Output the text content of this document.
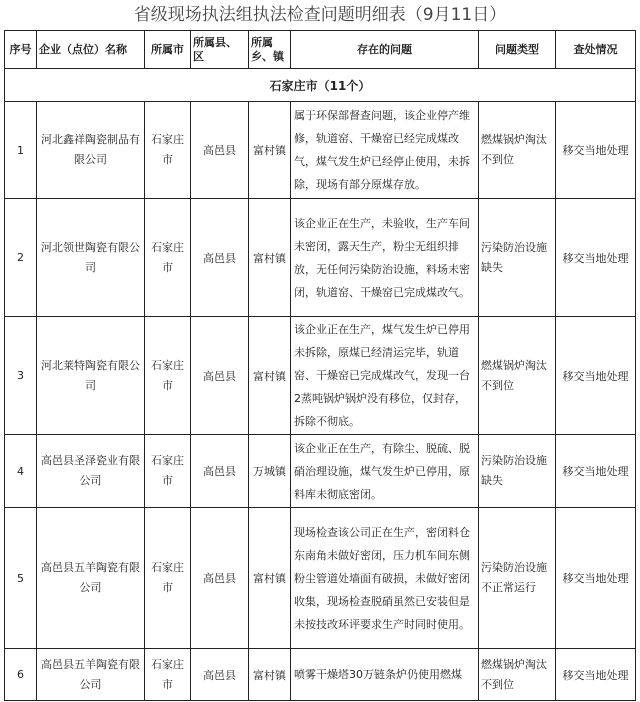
省级现场执法组执法检查问题明细表（9月11日）
序号	企业（点位）名称	所属市	所属县、区	所属乡、镇	存在的问题	问题类型	查处情况
石家庄市（11个）							
1	河北鑫祥陶瓷制品有限公司	石家庄市	高邑县	富村镇	属于环保部督查问题，该企业停产维修，轨道窑、干燥窑已经完成煤改气，煤气发生炉已经停止使用，未拆除，现场有部分原煤存放。	燃煤锅炉淘汰不到位	移交当地处理
2	河北领世陶瓷有限公司	石家庄市	高邑县	富村镇	该企业正在生产，未验收，生产车间未密闭，露天生产，粉尘无组织排放，无任何污染防治设施，料场未密闭，轨道窑、干燥窑已完成煤改气。	污染防治设施缺失	移交当地处理
3	河北莱特陶瓷有限公司	石家庄市	高邑县	富村镇	该企业正在生产，煤气发生炉已停用未拆除，原煤已经清运完毕，轨道窑、干燥窑已完成煤改气，发现一台2蒸吨锅炉锅炉没有移位，仅封存，拆除不彻底。	燃煤锅炉淘汰不到位	移交当地处理
4	高邑县圣泽瓷业有限公司	石家庄市	高邑县	万城镇	该企业正在生产，有除尘、脱硫、脱硝治理设施，煤气发生炉已停用，原料库未彻底密闭。	污染防治设施缺失	移交当地处理
5	高邑县五羊陶瓷有限公司	石家庄市	高邑县	富村镇	现场检查该公司正在生产，密闭料仓东南角未做好密闭，压力机车间东侧粉尘管道处墙面有破损，未做好密闭收集，现场检查脱硝虽然已安装但是未按技改环评要求生产时同时使用。	污染防治设施不正常运行	移交当地处理
6	高邑县五羊陶瓷有限公司	石家庄市	高邑县	富村镇	喷雾干燥塔30万链条炉仍使用燃煤	燃煤锅炉淘汰不到位	移交当地处理
